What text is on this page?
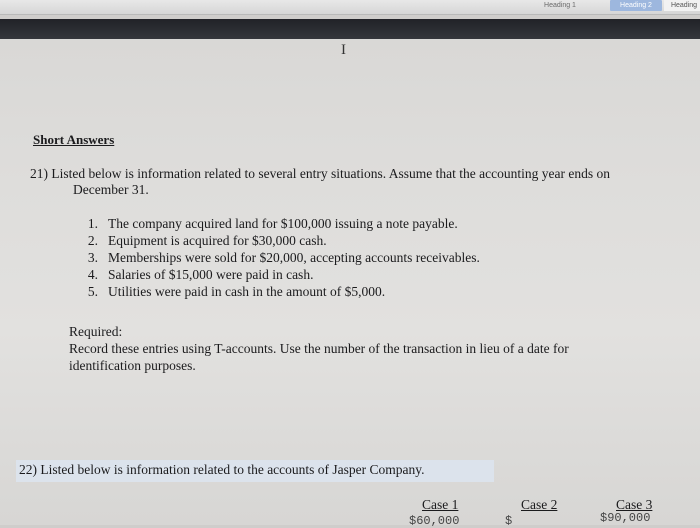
Heading 1	Heading 2	Heading
I
Short Answers
21) Listed below is information related to several entry situations. Assume that the accounting year ends on
December 31.
1. The company acquired land for $100,000 issuing a note payable.
2. Equipment is acquired for $30,000 cash.
3. Memberships were sold for $20,000, accepting accounts receivables.
4. Salaries of $15,000 were paid in cash.
5. Utilities were paid in cash in the amount of $5,000.
Required:
Record these entries using T-accounts. Use the number of the transaction in lieu of a date for
identification purposes.
22) Listed below is information related to the accounts of Jasper Company.
Case 1	Case 2	Case 3
$60,000	$	$90,000
